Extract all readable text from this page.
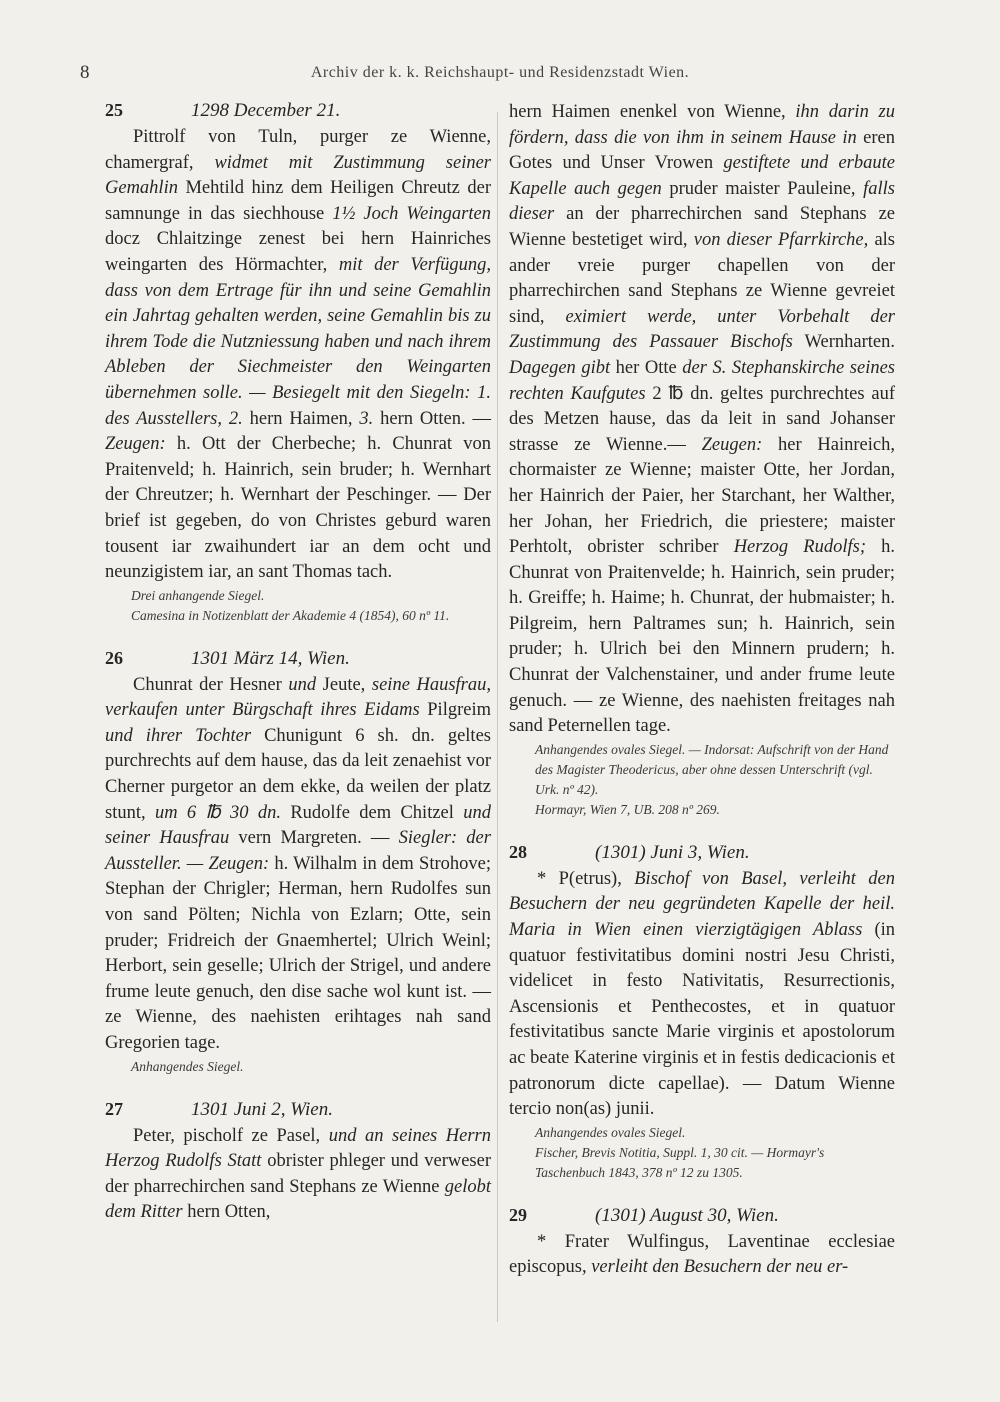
8	Archiv der k. k. Reichshaupt- und Residenzstadt Wien.
25	1298 December 21.

Pittrolf von Tuln, purger ze Wienne, chamergraf, widmet mit Zustimmung seiner Gemahlin Mehtild hinz dem Heiligen Chreutz der samnunge in das siechhouse 1½ Joch Weingarten docz Chlaitzinge zenest bei hern Hainriches weingarten des Hörmachter, mit der Verfügung, dass von dem Ertrage für ihn und seine Gemahlin ein Jahrtag gehalten werden, seine Gemahlin bis zu ihrem Tode die Nutzniessung haben und nach ihrem Ableben der Siechmeister den Weingarten übernehmen solle. — Besiegelt mit den Siegeln: 1. des Ausstellers, 2. hern Haimen, 3. hern Otten. — Zeugen: h. Ott der Cherbeche; h. Chunrat von Praitenveld; h. Hainrich, sein bruder; h. Wernhart der Chreutzer; h. Wernhart der Peschinger. — Der brief ist gegeben, do von Christes geburd waren tousent iar zwaihundert iar an dem ocht und neunzigistem iar, an sant Thomas tach.

Drei anhangende Siegel.
Camesina in Notizenblatt der Akademie 4 (1854), 60 nº 11.
26	1301 März 14, Wien.

Chunrat der Hesner und Jeute, seine Hausfrau, verkaufen unter Bürgschaft ihres Eidams Pilgreim und ihrer Tochter Chunigunt 6 sh. dn. geltes purchrechts auf dem hause, das da leit zenaehist vor Cherner purgetor an dem ekke, da weilen der platz stunt, um 6 ℔ 30 dn. Rudolfe dem Chitzel und seiner Hausfrau vern Margreten. — Siegler: der Aussteller. — Zeugen: h. Wilhalm in dem Strohove; Stephan der Chrigler; Herman, hern Rudolfes sun von sand Pölten; Nichla von Ezlarn; Otte, sein pruder; Fridreich der Gnaemhertel; Ulrich Weinl; Herbort, sein geselle; Ulrich der Strigel, und andere frume leute genuch, den dise sache wol kunt ist. — ze Wienne, des naehisten erihtages nah sand Gregorien tage.

Anhangendes Siegel.
27	1301 Juni 2, Wien.

Peter, pischolf ze Pasel, und an seines Herrn Herzog Rudolfs Statt obrister phleger und verweser der pharrechirchen sand Stephans ze Wienne gelobt dem Ritter hern Otten,

hern Haimen enenkel von Wienne, ihn darin zu fördern, dass die von ihm in seinem Hause in eren Gotes und Unser Vrowen gestiftete und erbaute Kapelle auch gegen pruder maister Pauleine, falls dieser an der pharrechirchen sand Stephans ze Wienne bestetiget wird, von dieser Pfarrkirche, als ander vreie purger chapellen von der pharrechirchen sand Stephans ze Wienne gevreiet sind, eximiert werde, unter Vorbehalt der Zustimmung des Passauer Bischofs Wernharten. Dagegen gibt her Otte der S. Stephanskirche seines rechten Kaufgutes 2 ℔ dn. geltes purchrechtes auf des Metzen hause, das da leit in sand Johanser strasse ze Wienne.— Zeugen: her Hainreich, chormaister ze Wienne; maister Otte, her Jordan, her Hainrich der Paier, her Starchant, her Walther, her Johan, her Friedrich, die priestere; maister Perhtolt, obrister schriber Herzog Rudolfs; h. Chunrat von Praitenvelde; h. Hainrich, sein pruder; h. Greiffe; h. Haime; h. Chunrat, der hubmaister; h. Pilgreim, hern Paltrames sun; h. Hainrich, sein pruder; h. Ulrich bei den Minnern prudern; h. Chunrat der Valchenstainer, und ander frume leute genuch. — ze Wienne, des naehisten freitages nah sand Peternellen tage.

Anhangendes ovales Siegel. — Indorsat: Aufschrift von der Hand des Magister Theodericus, aber ohne dessen Unterschrift (vgl. Urk. nº 42).
Hormayr, Wien 7, UB. 208 nº 269.
28	(1301) Juni 3, Wien.

* P(etrus), Bischof von Basel, verleiht den Besuchern der neu gegründeten Kapelle der heil. Maria in Wien einen vierzigtägigen Ablass (in quatuor festivitatibus domini nostri Jesu Christi, videlicet in festo Nativitatis, Resurrectionis, Ascensionis et Penthecostes, et in quatuor festivitatibus sancte Marie virginis et apostolorum ac beate Katerine virginis et in festis dedicacionis et patronorum dicte capellae). — Datum Wienne tercio non(as) junii.

Anhangendes ovales Siegel.
Fischer, Brevis Notitia, Suppl. 1, 30 cit. — Hormayr's Taschenbuch 1843, 378 nº 12 zu 1305.
29	(1301) August 30, Wien.

* Frater Wulfingus, Laventinae ecclesiae episcopus, verleiht den Besuchern der neu er-
